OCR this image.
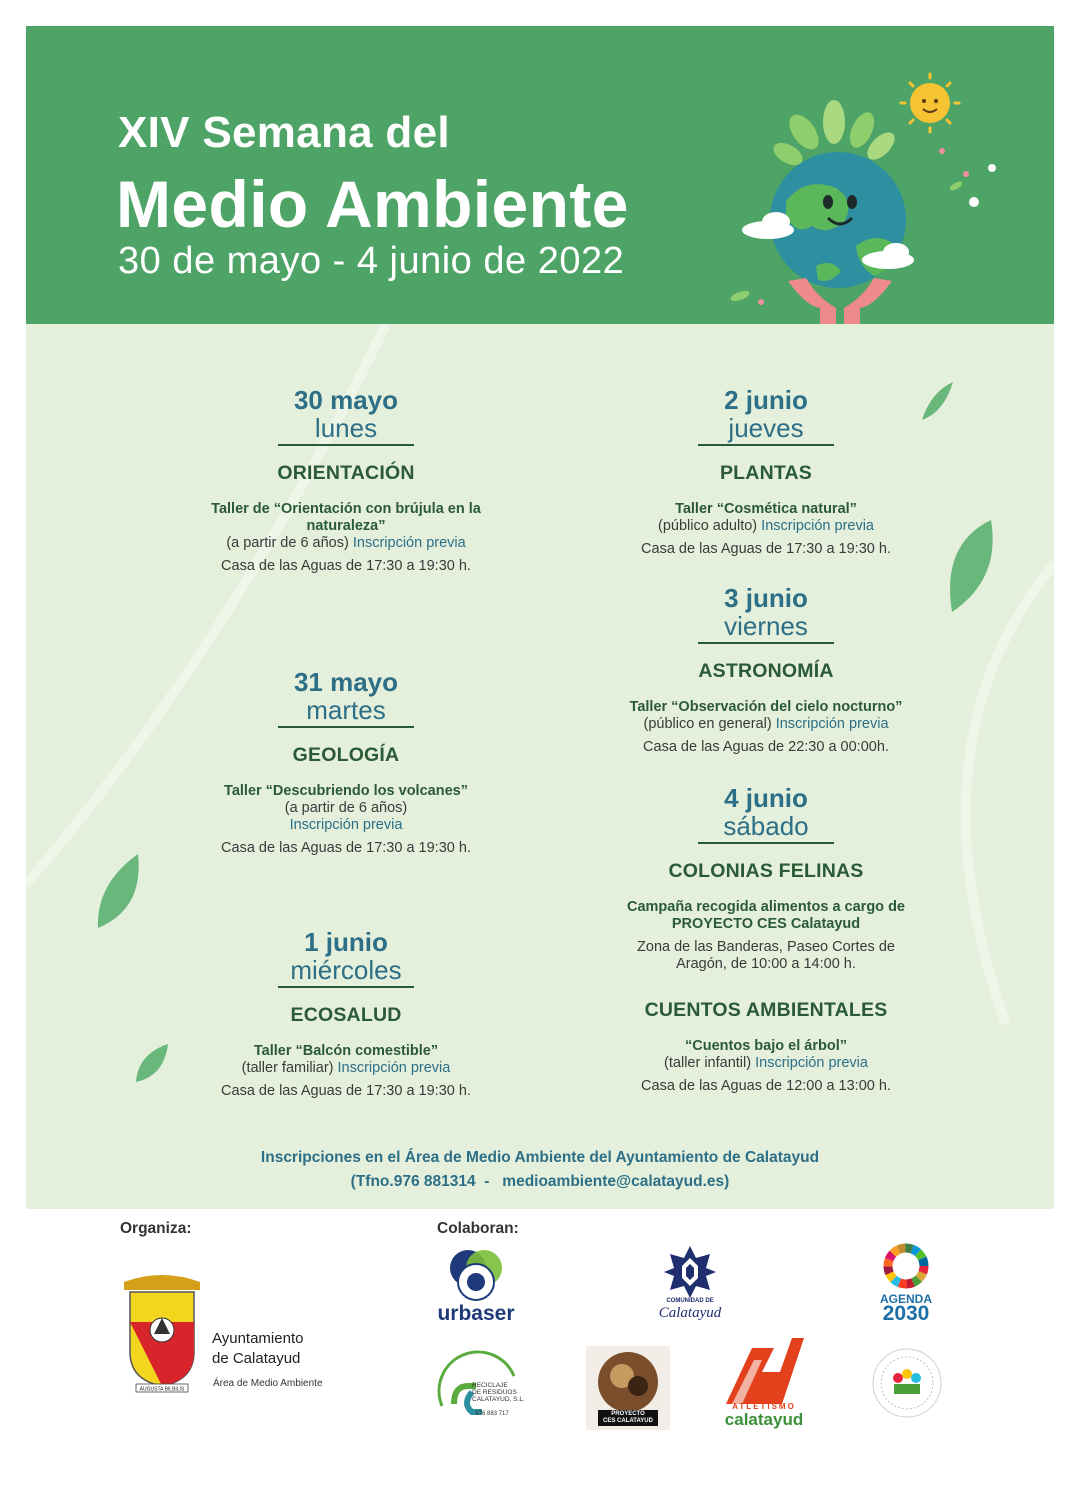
XIV Semana del
Medio Ambiente
30 de mayo - 4 junio de 2022
30 mayo
lunes
ORIENTACIÓN
Taller de “Orientación con brújula en la naturaleza”
(a partir de 6 años) Inscripción previa
Casa de las Aguas de 17:30 a 19:30 h.
31 mayo
martes
GEOLOGÍA
Taller “Descubriendo los volcanes”
(a partir de 6 años)
Inscripción previa
Casa de las Aguas de 17:30 a 19:30 h.
1 junio
miércoles
ECOSALUD
Taller “Balcón comestible”
(taller familiar) Inscripción previa
Casa de las Aguas de 17:30 a 19:30 h.
2 junio
jueves
PLANTAS
Taller “Cosmética natural”
(público adulto) Inscripción previa
Casa de las Aguas de 17:30 a 19:30 h.
3 junio
viernes
ASTRONOMÍA
Taller “Observación del cielo nocturno”
(público en general) Inscripción previa
Casa de las Aguas de 22:30 a 00:00h.
4 junio
sábado
COLONIAS FELINAS
Campaña recogida alimentos a cargo de PROYECTO CES Calatayud
Zona de las Banderas, Paseo Cortes de Aragón, de 10:00 a 14:00 h.
CUENTOS AMBIENTALES
“Cuentos bajo el árbol”
(taller infantil) Inscripción previa
Casa de las Aguas de 12:00 a 13:00 h.
Inscripciones en el Área de Medio Ambiente del Ayuntamiento de Calatayud
(Tfno.976 881314  -   medioambiente@calatayud.es)
Organiza:
AUGUSTA BILBILIS
Ayuntamiento
de Calatayud
Área de Medio Ambiente
Colaboran:
urbaser
COMUNIDAD DE
Calatayud
AGENDA
2030
RECICLAJE
DE RESIDUOS
CALATAYUD, S.L.
976 883 717	PROYECTO
CES CALATAYUD
ATLETISMO
calatayud
